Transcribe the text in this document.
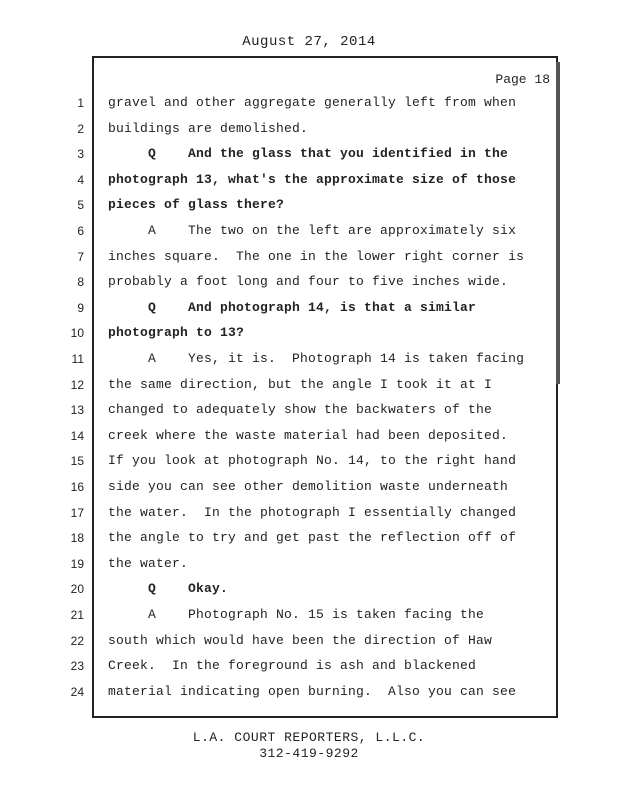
August 27, 2014
Page 18
1 gravel and other aggregate generally left from when
2 buildings are demolished.
3 Q    And the glass that you identified in the
4 photograph 13, what's the approximate size of those
5 pieces of glass there?
6 A    The two on the left are approximately six
7 inches square.  The one in the lower right corner is
8 probably a foot long and four to five inches wide.
9 Q    And photograph 14, is that a similar
10 photograph to 13?
11 A    Yes, it is.  Photograph 14 is taken facing
12 the same direction, but the angle I took it at I
13 changed to adequately show the backwaters of the
14 creek where the waste material had been deposited.
15 If you look at photograph No. 14, to the right hand
16 side you can see other demolition waste underneath
17 the water.  In the photograph I essentially changed
18 the angle to try and get past the reflection off of
19 the water.
20 Q    Okay.
21 A    Photograph No. 15 is taken facing the
22 south which would have been the direction of Haw
23 Creek.  In the foreground is ash and blackened
24 material indicating open burning.  Also you can see
L.A. COURT REPORTERS, L.L.C.
312-419-9292
